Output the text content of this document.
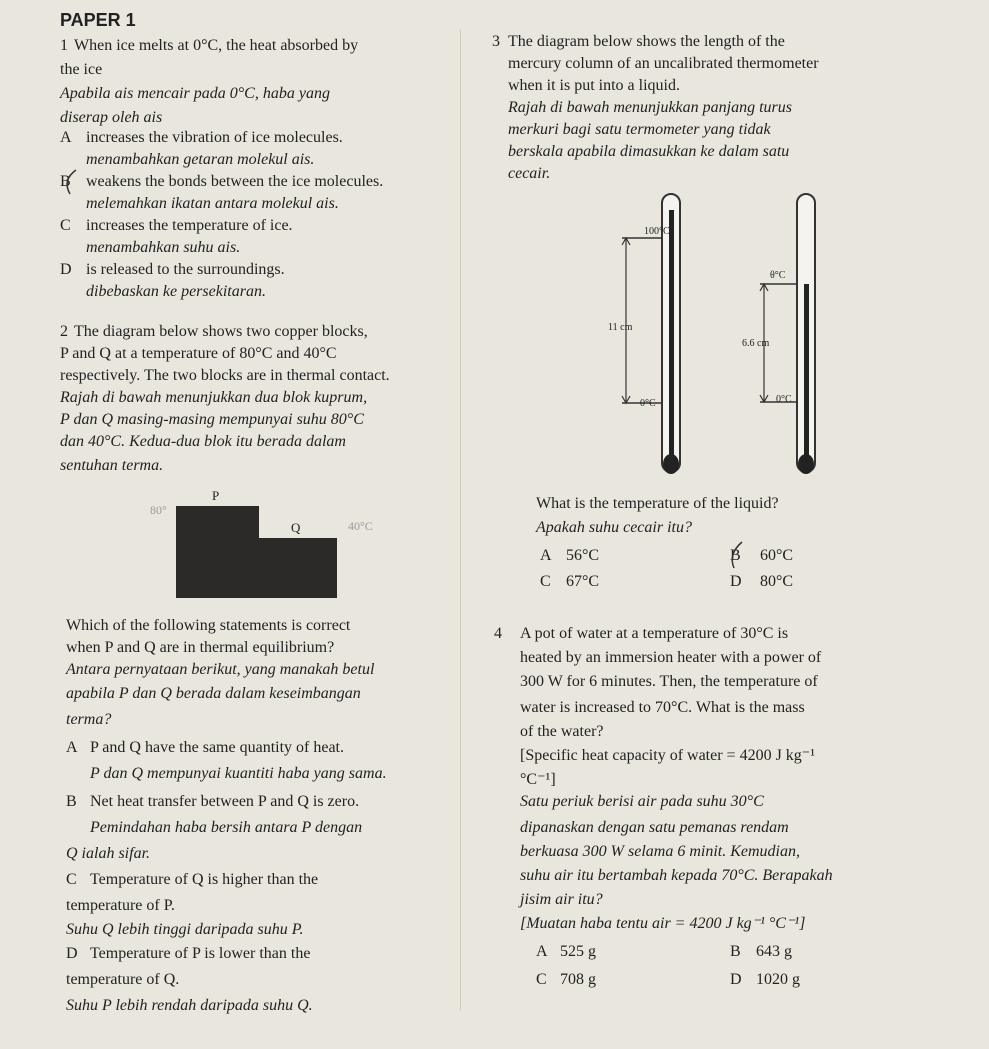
PAPER 1
1 When ice melts at 0°C, the heat absorbed by
the ice
Apabila ais mencair pada 0°C, haba yang
diserap oleh ais
A increases the vibration of ice molecules.
menambahkan getaran molekul ais.
B weakens the bonds between the ice molecules.
melemahkan ikatan antara molekul ais.
C increases the temperature of ice.
menambahkan suhu ais.
D is released to the surroundings.
dibebaskan ke persekitaran.
2 The diagram below shows two copper blocks,
P and Q at a temperature of 80°C and 40°C
respectively. The two blocks are in thermal contact.
Rajah di bawah menunjukkan dua blok kuprum,
P dan Q masing-masing mempunyai suhu 80°C
dan 40°C. Kedua-dua blok itu berada dalam
sentuhan terma.
P
Q
80°
40°C
Which of the following statements is correct
when P and Q are in thermal equilibrium?
Antara pernyataan berikut, yang manakah betul
apabila P dan Q berada dalam keseimbangan
terma?
A P and Q have the same quantity of heat.
P dan Q mempunyai kuantiti haba yang sama.
B Net heat transfer between P and Q is zero.
Pemindahan haba bersih antara P dengan
Q ialah sifar.
C Temperature of Q is higher than the
temperature of P.
Suhu Q lebih tinggi daripada suhu P.
D Temperature of P is lower than the
temperature of Q.
Suhu P lebih rendah daripada suhu Q.
3 The diagram below shows the length of the
mercury column of an uncalibrated thermometer
when it is put into a liquid.
Rajah di bawah menunjukkan panjang turus
merkuri bagi satu termometer yang tidak
berskala apabila dimasukkan ke dalam satu
cecair.
100°C
11 cm
0°C
θ°C
6.6 cm
0°C
What is the temperature of the liquid?
Apakah suhu cecair itu?
A 56°C	B 60°C
C 67°C	D 80°C
4 A pot of water at a temperature of 30°C is
heated by an immersion heater with a power of
300 W for 6 minutes. Then, the temperature of
water is increased to 70°C. What is the mass
of the water?
[Specific heat capacity of water = 4200 J kg⁻¹
°C⁻¹]
Satu periuk berisi air pada suhu 30°C
dipanaskan dengan satu pemanas rendam
berkuasa 300 W selama 6 minit. Kemudian,
suhu air itu bertambah kepada 70°C. Berapakah
jisim air itu?
[Muatan haba tentu air = 4200 J kg⁻¹ °C⁻¹]
A 525 g	B 643 g
C 708 g	D 1020 g
